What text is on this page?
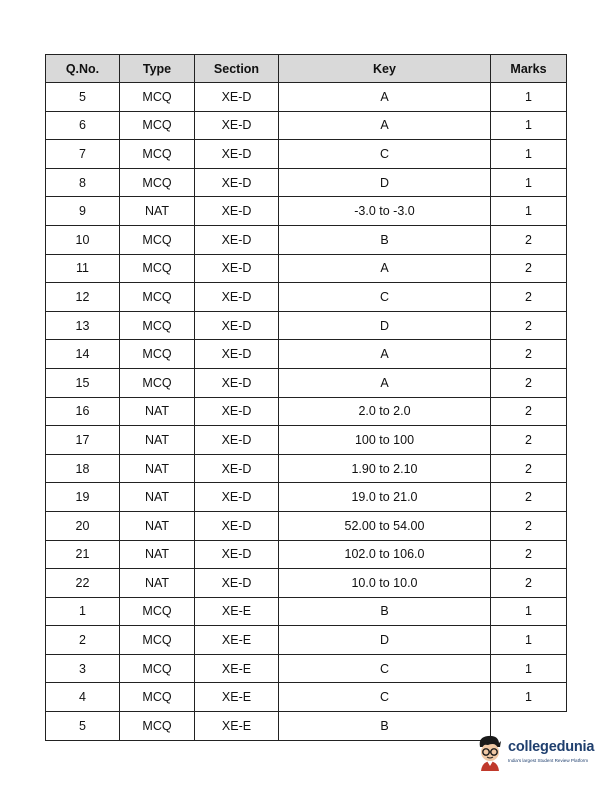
Q.No.	Type	Section	Key	Marks
5	MCQ	XE-D	A	1
6	MCQ	XE-D	A	1
7	MCQ	XE-D	C	1
8	MCQ	XE-D	D	1
9	NAT	XE-D	-3.0 to -3.0	1
10	MCQ	XE-D	B	2
11	MCQ	XE-D	A	2
12	MCQ	XE-D	C	2
13	MCQ	XE-D	D	2
14	MCQ	XE-D	A	2
15	MCQ	XE-D	A	2
16	NAT	XE-D	2.0 to 2.0	2
17	NAT	XE-D	100 to 100	2
18	NAT	XE-D	1.90 to 2.10	2
19	NAT	XE-D	19.0 to 21.0	2
20	NAT	XE-D	52.00 to 54.00	2
21	NAT	XE-D	102.0 to 106.0	2
22	NAT	XE-D	10.0 to 10.0	2
1	MCQ	XE-E	B	1
2	MCQ	XE-E	D	1
3	MCQ	XE-E	C	1
4	MCQ	XE-E	C	1
5	MCQ	XE-E	B	
collegedunia
India's largest Student Review Platform
